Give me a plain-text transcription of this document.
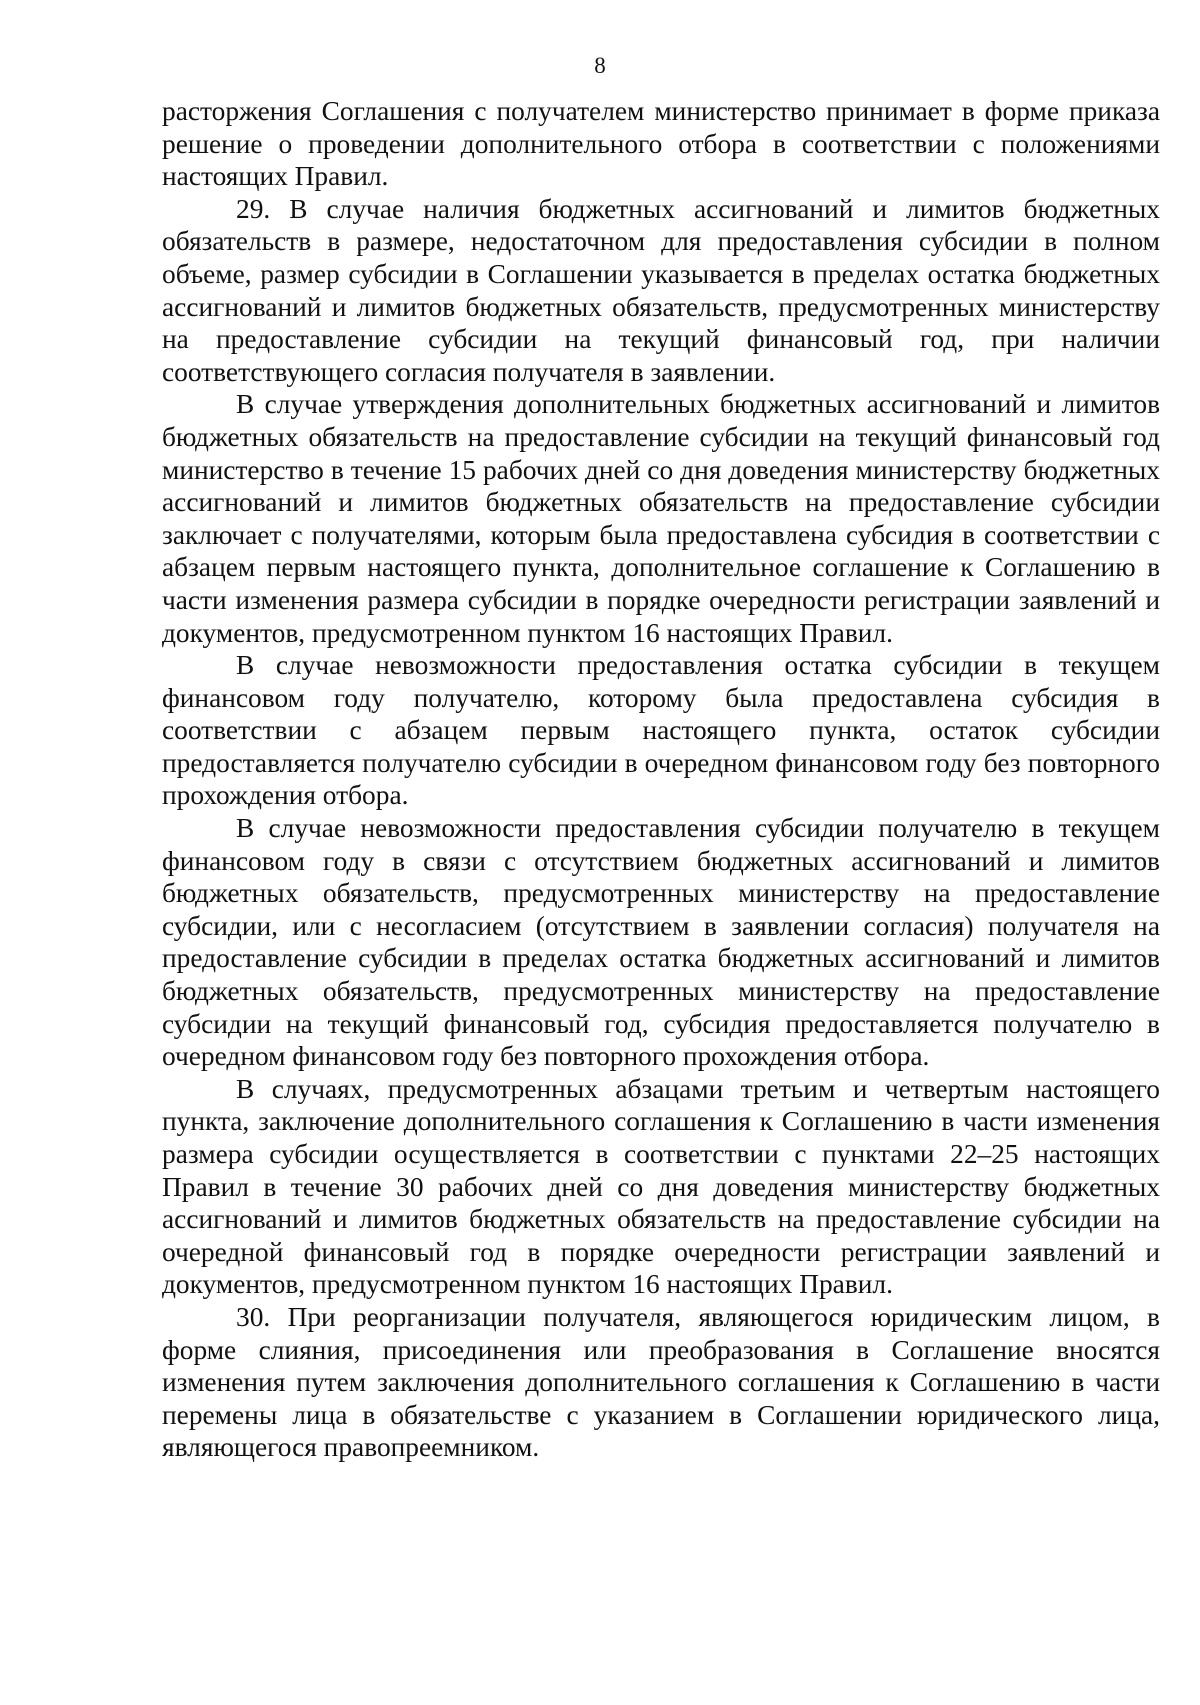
8

расторжения Соглашения с получателем министерство принимает в форме приказа решение о проведении дополнительного отбора в соответствии с положениями настоящих Правил.

29. В случае наличия бюджетных ассигнований и лимитов бюджетных обязательств в размере, недостаточном для предоставления субсидии в полном объеме, размер субсидии в Соглашении указывается в пределах остатка бюджетных ассигнований и лимитов бюджетных обязательств, предусмотренных министерству на предоставление субсидии на текущий финансовый год, при наличии соответствующего согласия получателя в заявлении.

В случае утверждения дополнительных бюджетных ассигнований и лимитов бюджетных обязательств на предоставление субсидии на текущий финансовый год министерство в течение 15 рабочих дней со дня доведения министерству бюджетных ассигнований и лимитов бюджетных обязательств на предоставление субсидии заключает с получателями, которым была предоставлена субсидия в соответствии с абзацем первым настоящего пункта, дополнительное соглашение к Соглашению в части изменения размера субсидии в порядке очередности регистрации заявлений и документов, предусмотренном пунктом 16 настоящих Правил.

В случае невозможности предоставления остатка субсидии в текущем финансовом году получателю, которому была предоставлена субсидия в соответствии с абзацем первым настоящего пункта, остаток субсидии предоставляется получателю субсидии в очередном финансовом году без повторного прохождения отбора.

В случае невозможности предоставления субсидии получателю в текущем финансовом году в связи с отсутствием бюджетных ассигнований и лимитов бюджетных обязательств, предусмотренных министерству на предоставление субсидии, или с несогласием (отсутствием в заявлении согласия) получателя на предоставление субсидии в пределах остатка бюджетных ассигнований и лимитов бюджетных обязательств, предусмотренных министерству на предоставление субсидии на текущий финансовый год, субсидия предоставляется получателю в очередном финансовом году без повторного прохождения отбора.

В случаях, предусмотренных абзацами третьим и четвертым настоящего пункта, заключение дополнительного соглашения к Соглашению в части изменения размера субсидии осуществляется в соответствии с пунктами 22–25 настоящих Правил в течение 30 рабочих дней со дня доведения министерству бюджетных ассигнований и лимитов бюджетных обязательств на предоставление субсидии на очередной финансовый год в порядке очередности регистрации заявлений и документов, предусмотренном пунктом 16 настоящих Правил.

30. При реорганизации получателя, являющегося юридическим лицом, в форме слияния, присоединения или преобразования в Соглашение вносятся изменения путем заключения дополнительного соглашения к Соглашению в части перемены лица в обязательстве с указанием в Соглашении юридического лица, являющегося правопреемником.
